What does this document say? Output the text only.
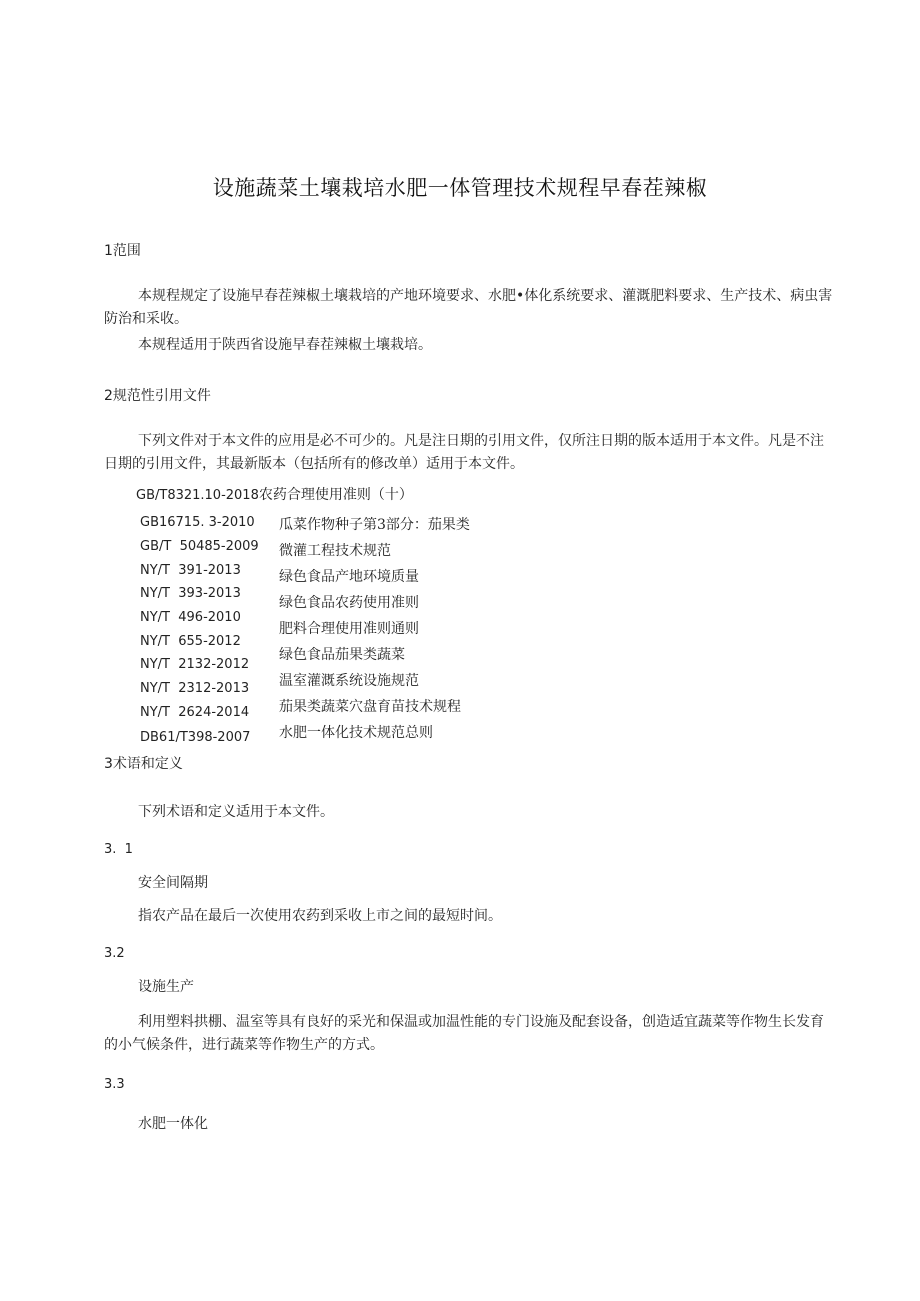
设施蔬菜土壤栽培水肥一体管理技术规程早春茬辣椒
1范围
本规程规定了设施早春茬辣椒土壤栽培的产地环境要求、水肥•体化系统要求、灌溉肥料要求、生产技术、病虫害防治和采收。
本规程适用于陕西省设施早春茬辣椒土壤栽培。
2规范性引用文件
下列文件对于本文件的应用是必不可少的。凡是注日期的引用文件，仅所注日期的版本适用于本文件。凡是不注日期的引用文件，其最新版本（包括所有的修改单）适用于本文件。
GB/T8321.10-2018农药合理使用准则（十）
GB16715. 3-2010 瓜菜作物种子第3部分：茄果类
GB/T  50485-2009 微灌工程技术规范
NY/T  391-2013	绿色食品产地环境质量
NY/T  393-2013
绿色食品农药使用准则
NY/T  496-2010
肥料合理使用准则通则
NY/T  655-2012
绿色食品茄果类蔬菜
NY/T  2132-2012
温室灌溉系统设施规范
NY/T  2312-2013
茄果类蔬菜穴盘育苗技术规程
NY/T  2624-2014
水肥一体化技术规范总则
DB61/T398-2007
3术语和定义
下列术语和定义适用于本文件。
3.  1
安全间隔期
指农产品在最后一次使用农药到采收上市之间的最短时间。
3.2
设施生产
利用塑料拱棚、温室等具有良好的采光和保温或加温性能的专门设施及配套设备，创造适宜蔬菜等作物生长发育的小气候条件，进行蔬菜等作物生产的方式。
3.3
水肥一体化
